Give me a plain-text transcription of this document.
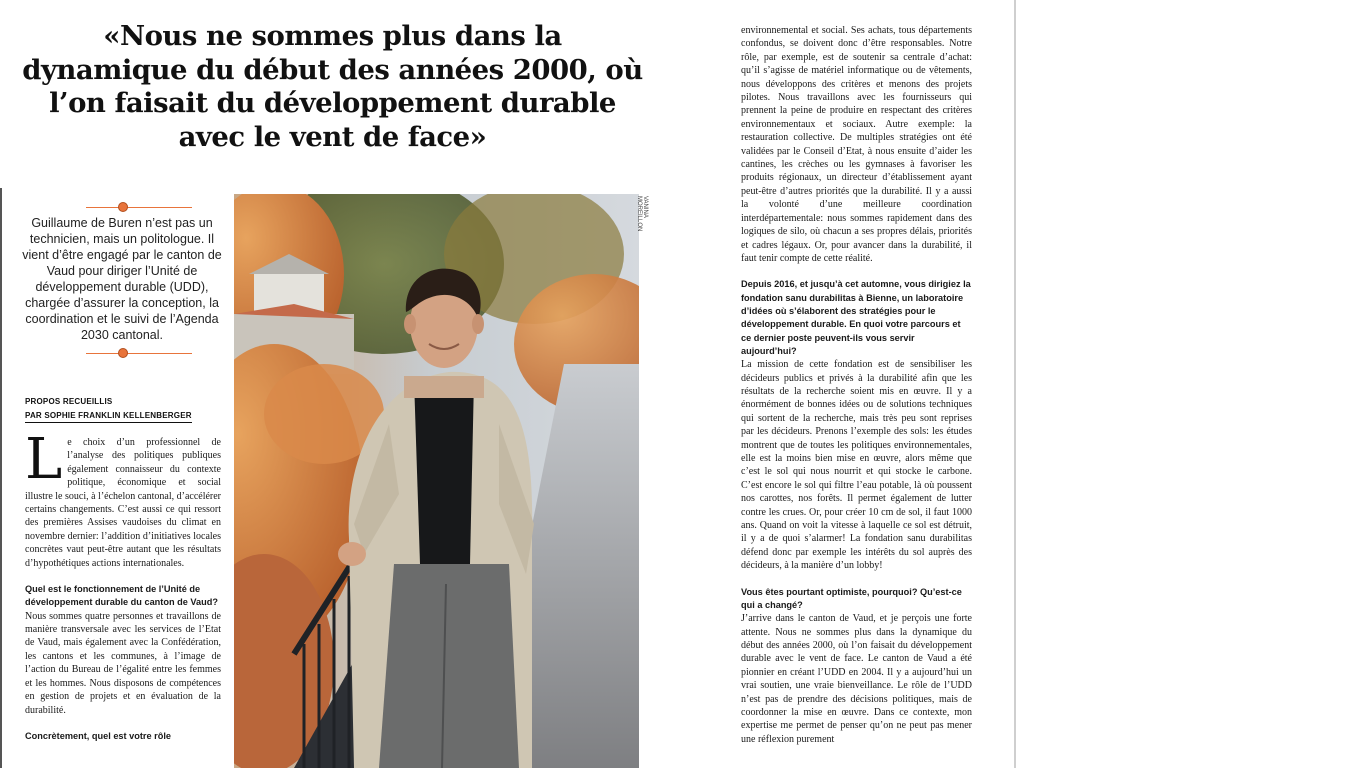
«Nous ne sommes plus dans la dynamique du début des années 2000, où l’on faisait du développement durable avec le vent de face»

Guillaume de Buren n’est pas un technicien, mais un politologue. Il vient d’être engagé par le canton de Vaud pour diriger l’Unité de développement durable (UDD), chargée d’assurer la conception, la coordination et le suivi de l’Agenda 2030 cantonal.

PROPOS RECUEILLIS
PAR SOPHIE FRANKLIN KELLENBERGER
L e choix d’un professionnel de l’analyse des politiques publiques également connaisseur du contexte politique, économique et social illustre le souci, à l’échelon cantonal, d’accélérer certains changements. C’est aussi ce qui ressort des premières Assises vaudoises du climat en novembre dernier: l’addition d’initiatives locales concrètes vaut peut-être autant que les résultats d’hypothétiques actions internationales.

Quel est le fonctionnement de l’Unité de développement durable du canton de Vaud?

Nous sommes quatre personnes et travaillons de manière transversale avec les services de l’Etat de Vaud, mais également avec la Confédération, les cantons et les communes, à l’image de l’action du Bureau de l’égalité entre les femmes et les hommes. Nous disposons de compétences en gestion de projets et en évaluation de la durabilité.

Concrètement, quel est votre rôle

VANINA MOREILLON

environnemental et social. Ses achats, tous départements confondus, se doivent donc d’être responsables. Notre rôle, par exemple, est de soutenir sa centrale d’achat: qu’il s’agisse de matériel informatique ou de vêtements, nous développons des critères et menons des projets pilotes. Nous travaillons avec les fournisseurs qui prennent la peine de produire en respectant des critères environnementaux et sociaux. Autre exemple: la restauration collective. De multiples stratégies ont été validées par le Conseil d’Etat, à nous ensuite d’aider les cantines, les crèches ou les gymnases à favoriser les produits régionaux, un directeur d’établissement ayant peut-être d’autres priorités que la durabilité. Il y a aussi la volonté d’une meilleure coordination interdépartementale: nous sommes rapidement dans des logiques de silo, où chacun a ses propres délais, priorités et cadres légaux. Or, pour avancer dans la durabilité, il faut tenir compte de cette réalité.

Depuis 2016, et jusqu’à cet automne, vous dirigiez la fondation sanu durabilitas à Bienne, un laboratoire d’idées où s’élaborent des stratégies pour le développement durable. En quoi votre parcours et ce dernier poste peuvent-ils vous servir aujourd’hui?

La mission de cette fondation est de sensibiliser les décideurs publics et privés à la durabilité afin que les résultats de la recherche soient mis en œuvre. Il y a énormément de bonnes idées ou de solutions techniques qui sortent de la recherche, mais très peu sont reprises par les décideurs. Prenons l’exemple des sols: les études montrent que de toutes les politiques environnementales, elle est la moins bien mise en œuvre, alors même que c’est le sol qui nous nourrit et qui stocke le carbone. C’est encore le sol qui filtre l’eau potable, là où poussent nos carottes, nos forêts. Il permet également de lutter contre les crues. Or, pour créer 10 cm de sol, il faut 1000 ans. Quand on voit la vitesse à laquelle ce sol est détruit, il y a de quoi s’alarmer! La fondation sanu durabilitas défend donc par exemple les intérêts du sol auprès des décideurs, à la manière d’un lobby!

Vous êtes pourtant optimiste, pourquoi? Qu’est-ce qui a changé?

J’arrive dans le canton de Vaud, et je perçois une forte attente. Nous ne sommes plus dans la dynamique du début des années 2000, où l’on faisait du développement durable avec le vent de face. Le canton de Vaud a été pionnier en créant l’UDD en 2004. Il y a aujourd’hui un vrai soutien, une vraie bienveillance. Le rôle de l’UDD n’est pas de prendre des décisions politiques, mais de coordonner la mise en œuvre. Dans ce contexte, mon expertise me permet de penser qu’on ne peut pas mener une réflexion purement
